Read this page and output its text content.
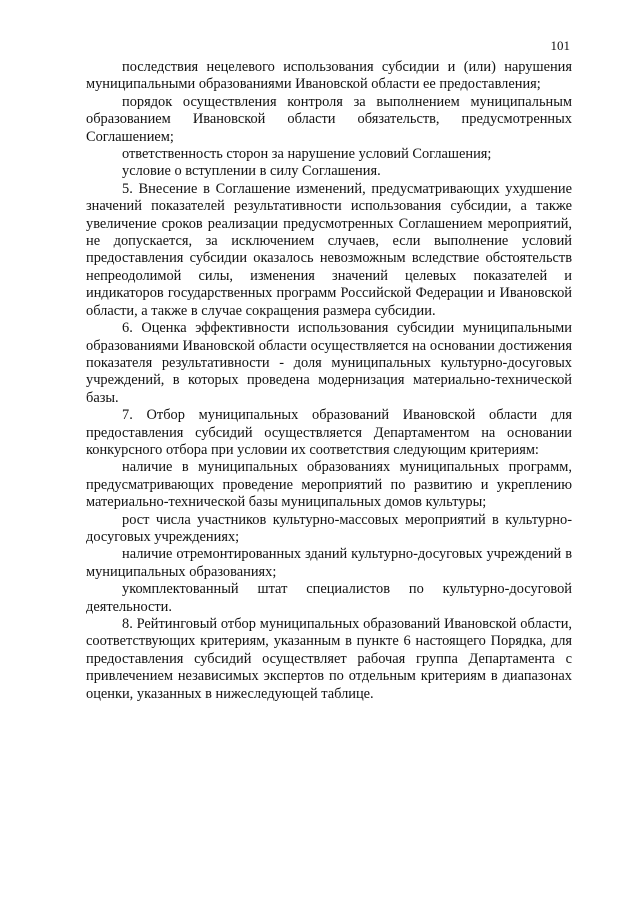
101

последствия нецелевого использования субсидии и (или) нарушения муниципальными образованиями Ивановской области ее предоставления;

порядок осуществления контроля за выполнением муниципальным образованием Ивановской области обязательств, предусмотренных Соглашением;

ответственность сторон за нарушение условий Соглашения;

условие о вступлении в силу Соглашения.

5. Внесение в Соглашение изменений, предусматривающих ухудшение значений показателей результативности использования субсидии, а также увеличение сроков реализации предусмотренных Соглашением мероприятий, не допускается, за исключением случаев, если выполнение условий предоставления субсидии оказалось невозможным вследствие обстоятельств непреодолимой силы, изменения значений целевых показателей и индикаторов государственных программ Российской Федерации и Ивановской области, а также в случае сокращения размера субсидии.

6. Оценка эффективности использования субсидии муниципальными образованиями Ивановской области осуществляется на основании достижения показателя результативности - доля муниципальных культурно-досуговых учреждений, в которых проведена модернизация материально-технической базы.

7. Отбор муниципальных образований Ивановской области для предоставления субсидий осуществляется Департаментом на основании конкурсного отбора при условии их соответствия следующим критериям:

наличие в муниципальных образованиях муниципальных программ, предусматривающих проведение мероприятий по развитию и укреплению материально-технической базы муниципальных домов культуры;

рост числа участников культурно-массовых мероприятий в культурно-досуговых учреждениях;

наличие отремонтированных зданий культурно-досуговых учреждений в муниципальных образованиях;

укомплектованный штат специалистов по культурно-досуговой деятельности.

8. Рейтинговый отбор муниципальных образований Ивановской области, соответствующих критериям, указанным в пункте 6 настоящего Порядка, для предоставления субсидий осуществляет рабочая группа Департамента с привлечением независимых экспертов по отдельным критериям в диапазонах оценки, указанных в нижеследующей таблице.
